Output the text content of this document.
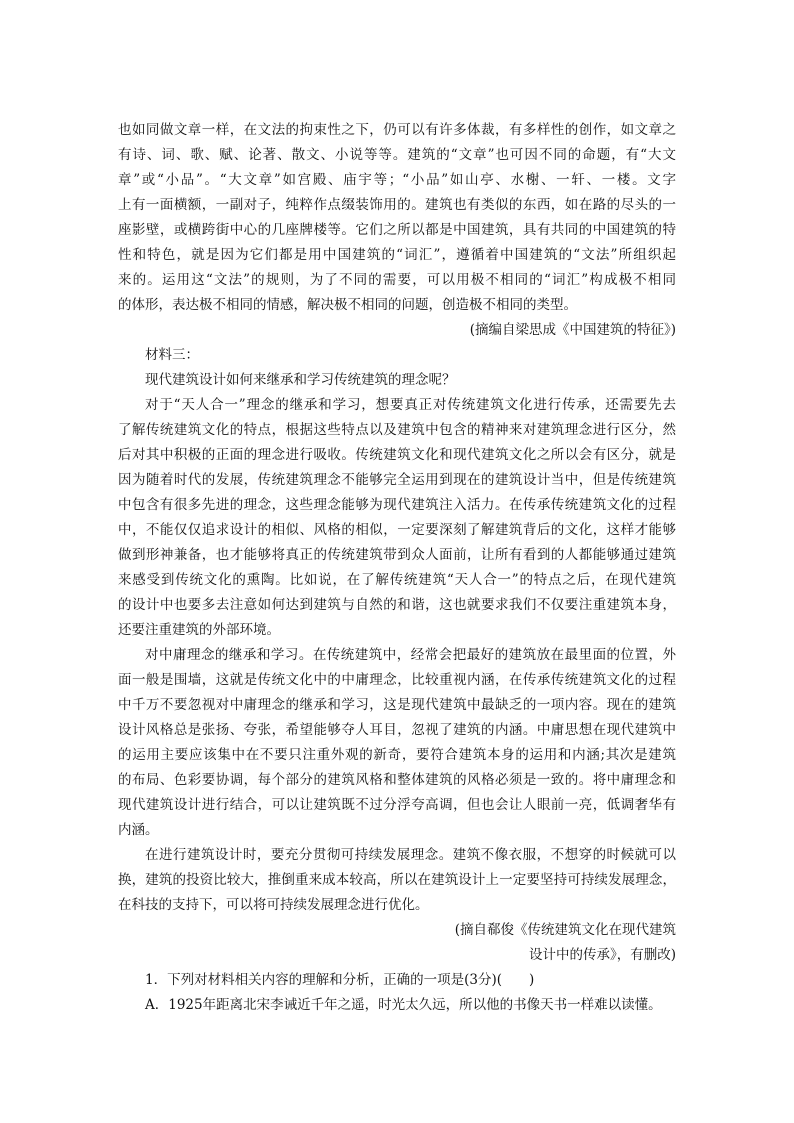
也如同做文章一样，在文法的拘束性之下，仍可以有许多体裁，有多样性的创作，如文章之
有诗、词、歌、赋、论著、散文、小说等等。建筑的“文章”也可因不同的命题，有“大文
章”或“小品”。“大文章”如宫殿、庙宇等；“小品”如山亭、水榭、一轩、一楼。文字
上有一面横额，一副对子，纯粹作点缀装饰用的。建筑也有类似的东西，如在路的尽头的一
座影壁，或横跨街中心的几座牌楼等。它们之所以都是中国建筑，具有共同的中国建筑的特
性和特色，就是因为它们都是用中国建筑的“词汇”，遵循着中国建筑的“文法”所组织起
来的。运用这“文法”的规则，为了不同的需要，可以用极不相同的“词汇”构成极不相同
的体形，表达极不相同的情感，解决极不相同的问题，创造极不相同的类型。
(摘编自梁思成《中国建筑的特征》)
材料三：
现代建筑设计如何来继承和学习传统建筑的理念呢？
对于“天人合一”理念的继承和学习，想要真正对传统建筑文化进行传承，还需要先去
了解传统建筑文化的特点，根据这些特点以及建筑中包含的精神来对建筑理念进行区分，然
后对其中积极的正面的理念进行吸收。传统建筑文化和现代建筑文化之所以会有区分，就是
因为随着时代的发展，传统建筑理念不能够完全运用到现在的建筑设计当中，但是传统建筑
中包含有很多先进的理念，这些理念能够为现代建筑注入活力。在传承传统建筑文化的过程
中，不能仅仅追求设计的相似、风格的相似，一定要深刻了解建筑背后的文化，这样才能够
做到形神兼备，也才能够将真正的传统建筑带到众人面前，让所有看到的人都能够通过建筑
来感受到传统文化的熏陶。比如说，在了解传统建筑“天人合一”的特点之后，在现代建筑
的设计中也要多去注意如何达到建筑与自然的和谐，这也就要求我们不仅要注重建筑本身，
还要注重建筑的外部环境。
对中庸理念的继承和学习。在传统建筑中，经常会把最好的建筑放在最里面的位置，外
面一般是围墙，这就是传统文化中的中庸理念，比较重视内涵，在传承传统建筑文化的过程
中千万不要忽视对中庸理念的继承和学习，这是现代建筑中最缺乏的一项内容。现在的建筑
设计风格总是张扬、夸张，希望能够夺人耳目，忽视了建筑的内涵。中庸思想在现代建筑中
的运用主要应该集中在不要只注重外观的新奇，要符合建筑本身的运用和内涵;其次是建筑
的布局、色彩要协调，每个部分的建筑风格和整体建筑的风格必须是一致的。将中庸理念和
现代建筑设计进行结合，可以让建筑既不过分浮夸高调，但也会让人眼前一亮，低调奢华有
内涵。
在进行建筑设计时，要充分贯彻可持续发展理念。建筑不像衣服，不想穿的时候就可以
换，建筑的投资比较大，推倒重来成本较高，所以在建筑设计上一定要坚持可持续发展理念，
在科技的支持下，可以将可持续发展理念进行优化。
(摘自郗俊《传统建筑文化在现代建筑
设计中的传承》，有删改)
1．下列对材料相关内容的理解和分析，正确的一项是(3分)(　　)
A．1925年距离北宋李诫近千年之遥，时光太久远，所以他的书像天书一样难以读懂。
